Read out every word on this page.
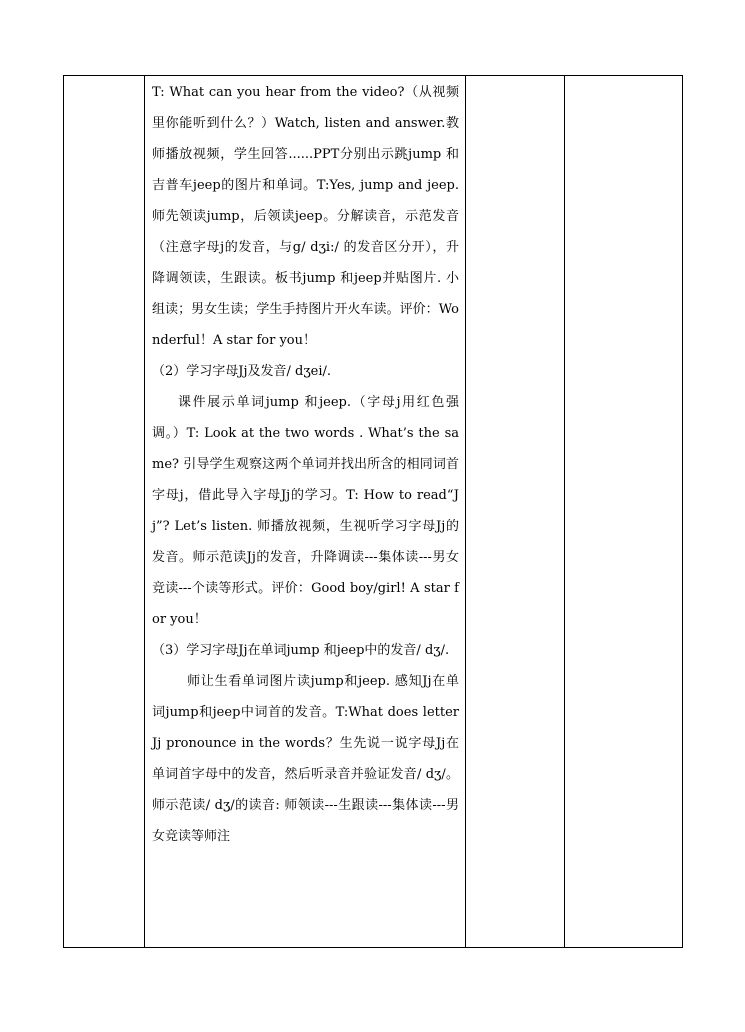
T: What can you hear from the video?（从视频里你能听到什么？）Watch, listen and answer.教师播放视频，学生回答......PPT分别出示跳jump 和吉普车jeep的图片和单词。T:Yes, jump and jeep. 师先领读jump，后领读jeep。分解读音，示范发音（注意字母j的发音，与g/ dʒi:/ 的发音区分开），升降调领读，生跟读。板书jump 和jeep并贴图片. 小组读；男女生读；学生手持图片开火车读。评价：Wonderful！A star for you！

（2）学习字母Jj及发音/ dʒei/.

课件展示单词jump 和jeep.（字母j用红色强调。）T: Look at the two words . What’s the same? 引导学生观察这两个单词并找出所含的相同词首字母j，借此导入字母Jj的学习。T: How to read“Jj”? Let’s listen. 师播放视频，生视听学习字母Jj的发音。师示范读Jj的发音，升降调读---集体读---男女竞读---个读等形式。评价：Good boy/girl! A star for you！

（3）学习字母Jj在单词jump 和jeep中的发音/ dʒ/.

师让生看单词图片读jump和jeep. 感知Jj在单词jump和jeep中词首的发音。T:What does letter Jj pronounce in the words？生先说一说字母Jj在单词首字母中的发音，然后听录音并验证发音/ dʒ/。师示范读/ dʒ/的读音: 师领读---生跟读---集体读---男女竞读等师注
